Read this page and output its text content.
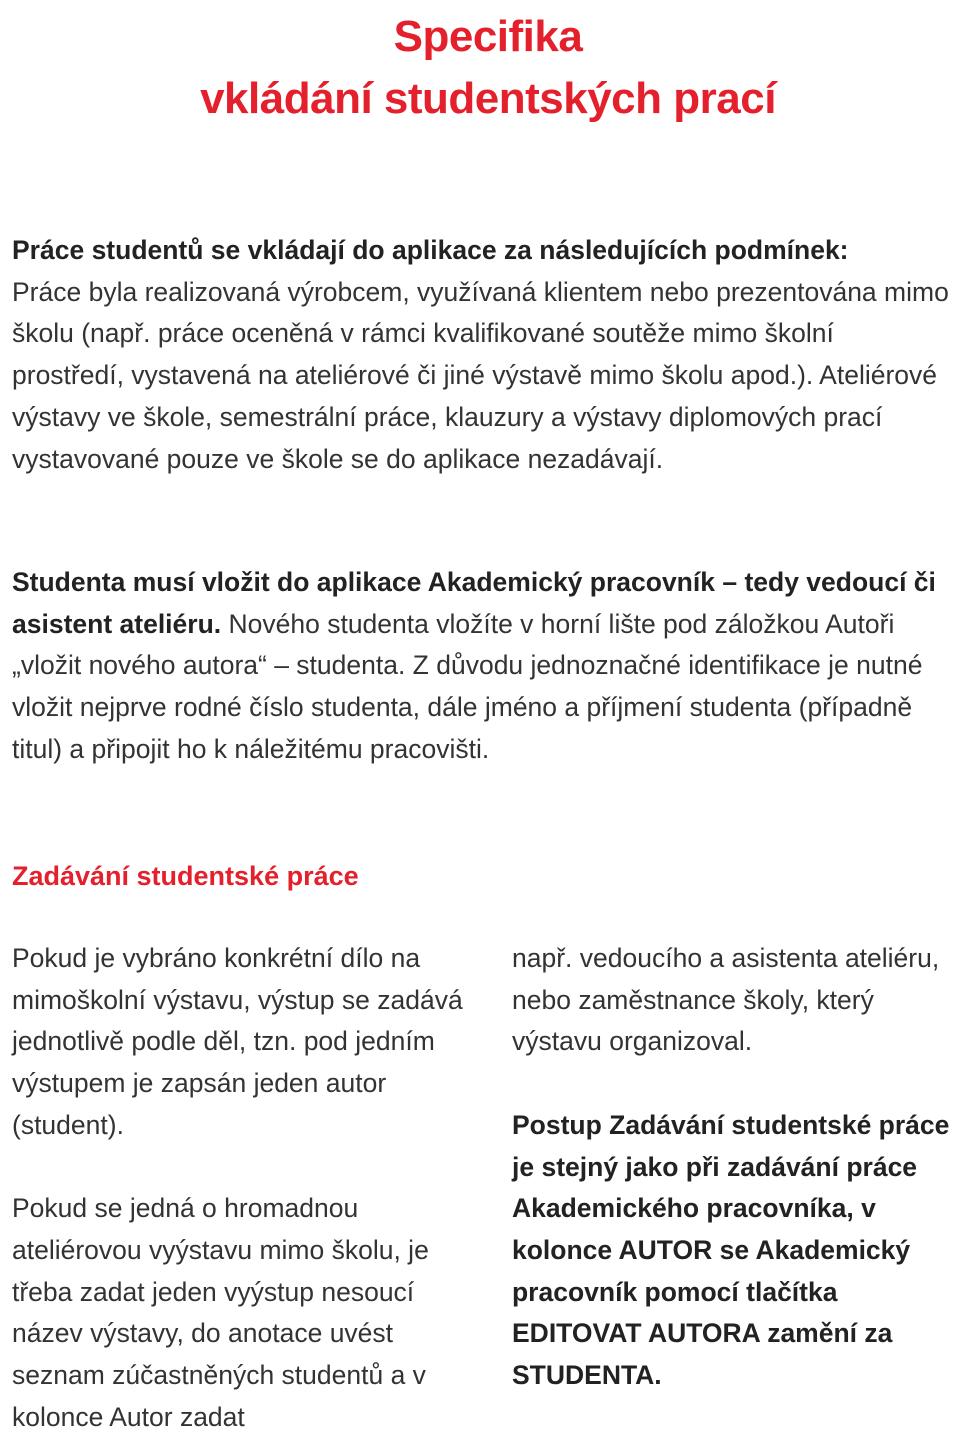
Specifika
vkládání studentských prací

Práce studentů se vkládají do aplikace za následujících podmínek:
Práce byla realizovaná výrobcem, využívaná klientem nebo prezentována mimo školu (např. práce oceněná v rámci kvalifikované soutěže mimo školní prostředí, vystavená na ateliérové či jiné výstavě mimo školu apod.). Ateliérové výstavy ve škole, semestrální práce, klauzury a výstavy diplomových prací vystavované pouze ve škole se do aplikace nezadávají.

Studenta musí vložit do aplikace Akademický pracovník – tedy vedoucí či asistent ateliéru. Nového studenta vložíte v horní lište pod záložkou Autoři „vložit nového autora“ – studenta. Z důvodu jednoznačné identifikace je nutné vložit nejprve rodné číslo studenta, dále jméno a příjmení studenta (případně titul) a připojit ho k náležitému pracovišti.

Zadávání studentské práce

Pokud je vybráno konkrétní dílo na mimoškolní výstavu, výstup se zadává jednotlivě podle děl, tzn. pod jedním výstupem je zapsán jeden autor (student).

Pokud se jedná o hromadnou ateliérovou vyýstavu mimo školu, je třeba zadat jeden vyýstup nesoucí název výstavy, do anotace uvést seznam zúčastněných studentů a v kolonce Autor zadat

např. vedoucího a asistenta ateliéru, nebo zaměstnance školy, který výstavu organizoval.

Postup Zadávání studentské práce je stejný jako při zadávání práce Akademického pracovníka, v kolonce AUTOR se Akademický pracovník pomocí tlačítka EDITOVAT AUTORA zamění za STUDENTA.
